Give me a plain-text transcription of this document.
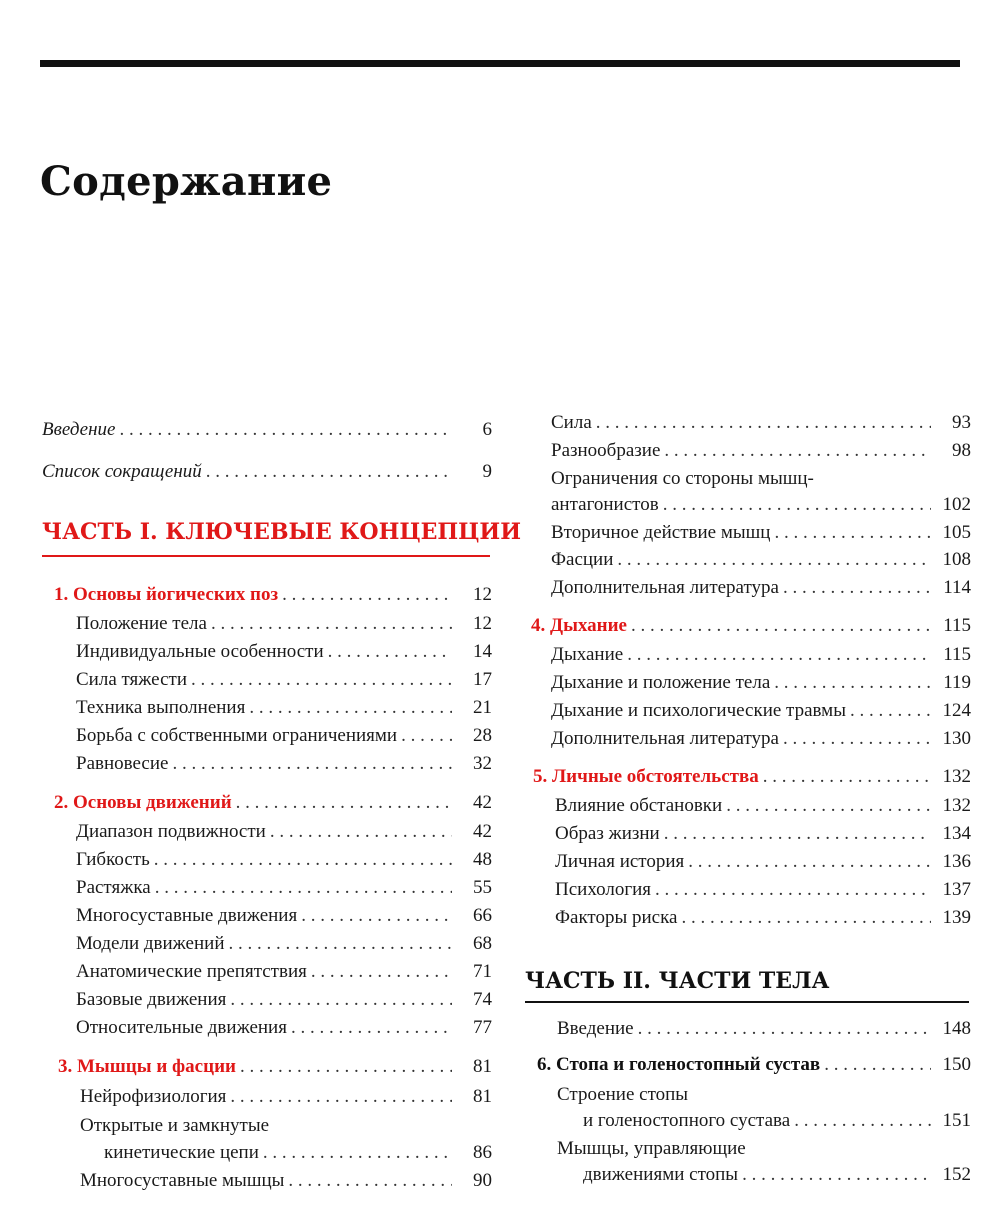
Содержание
Введение . . .	6
Список сокращений . . .	9
ЧАСТЬ I. КЛЮЧЕВЫЕ КОНЦЕПЦИИ
1. Основы йогических поз . . .	12
Положение тела . . .	12
Индивидуальные особенности . . .	14
Сила тяжести . . .	17
Техника выполнения . . .	21
Борьба с собственными ограничениями . . .	28
Равновесие . . .	32
2. Основы движений . . .	42
Диапазон подвижности . . .	42
Гибкость . . .	48
Растяжка . . .	55
Многосуставные движения . . .	66
Модели движений . . .	68
Анатомические препятствия . . .	71
Базовые движения . . .	74
Относительные движения . . .	77
3. Мышцы и фасции . . .	81
Нейрофизиология . . .	81
Открытые и замкнутые
кинетические цепи . . .	86
Многосуставные мышцы . . .	90
Сила . . .	93
Разнообразие . . .	98
Ограничения со стороны мышц-
антагонистов . . .	102
Вторичное действие мышц . . .	105
Фасции . . .	108
Дополнительная литература . . .	114
4. Дыхание . . .	115
Дыхание . . .	115
Дыхание и положение тела . . .	119
Дыхание и психологические травмы . . .	124
Дополнительная литература . . .	130
5. Личные обстоятельства . . .	132
Влияние обстановки . . .	132
Образ жизни . . .	134
Личная история . . .	136
Психология . . .	137
Факторы риска . . .	139
ЧАСТЬ II. ЧАСТИ ТЕЛА
Введение . . .	148
6. Стопа и голеностопный сустав . . .	150
Строение стопы
и голеностопного сустава . . .	151
Мышцы, управляющие
движениями стопы . . .	152
